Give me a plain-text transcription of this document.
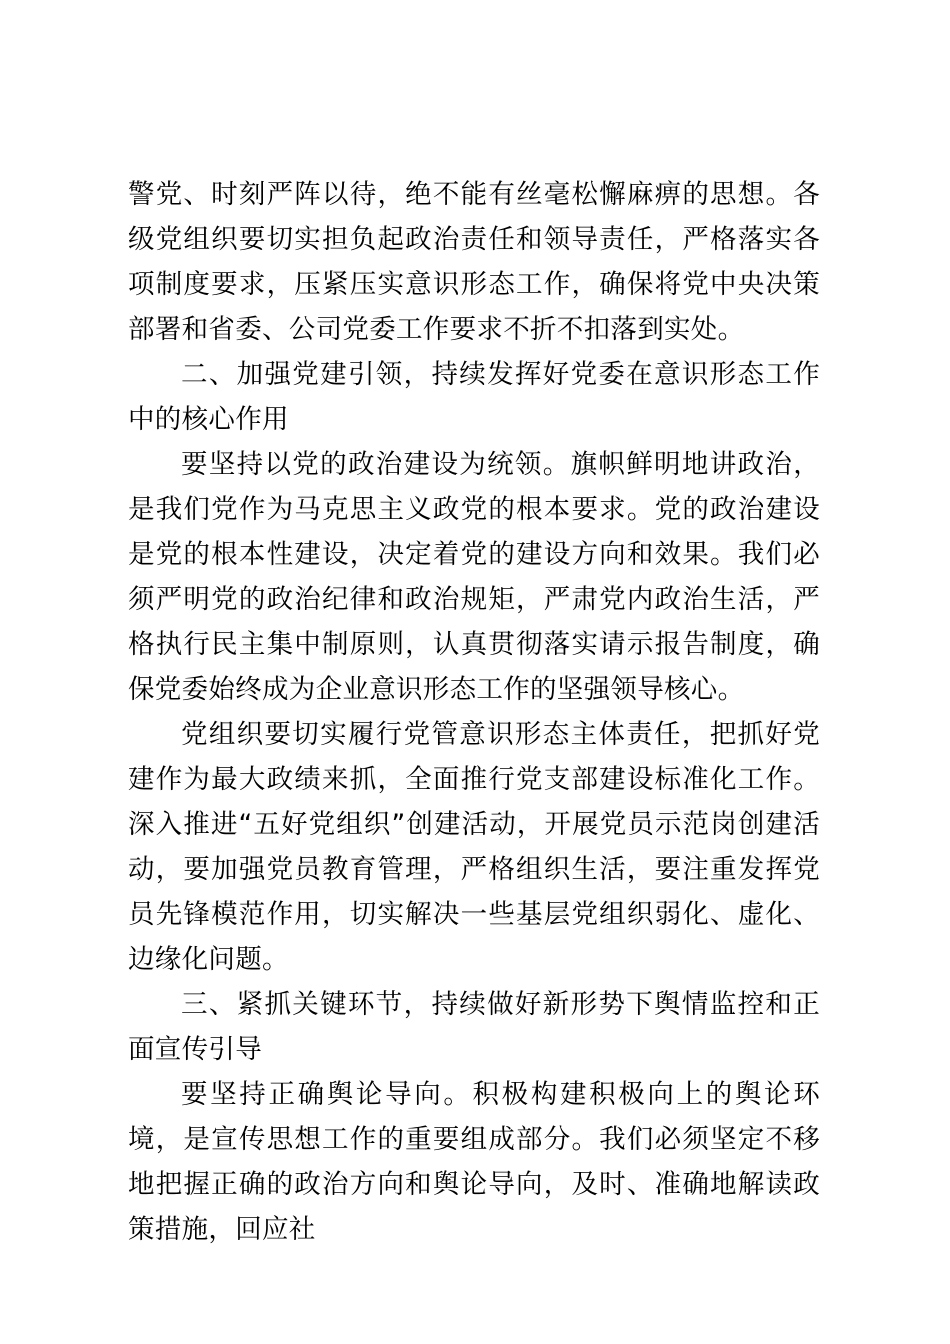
警党、时刻严阵以待，绝不能有丝毫松懈麻痹的思想。各级党组织要切实担负起政治责任和领导责任，严格落实各项制度要求，压紧压实意识形态工作，确保将党中央决策部署和省委、公司党委工作要求不折不扣落到实处。

二、加强党建引领，持续发挥好党委在意识形态工作中的核心作用

要坚持以党的政治建设为统领。旗帜鲜明地讲政治，是我们党作为马克思主义政党的根本要求。党的政治建设是党的根本性建设，决定着党的建设方向和效果。我们必须严明党的政治纪律和政治规矩，严肃党内政治生活，严格执行民主集中制原则，认真贯彻落实请示报告制度，确保党委始终成为企业意识形态工作的坚强领导核心。

党组织要切实履行党管意识形态主体责任，把抓好党建作为最大政绩来抓，全面推行党支部建设标准化工作。深入推进“五好党组织”创建活动，开展党员示范岗创建活动，要加强党员教育管理，严格组织生活，要注重发挥党员先锋模范作用，切实解决一些基层党组织弱化、虚化、边缘化问题。

三、紧抓关键环节，持续做好新形势下舆情监控和正面宣传引导

要坚持正确舆论导向。积极构建积极向上的舆论环境，是宣传思想工作的重要组成部分。我们必须坚定不移地把握正确的政治方向和舆论导向，及时、准确地解读政策措施，回应社
